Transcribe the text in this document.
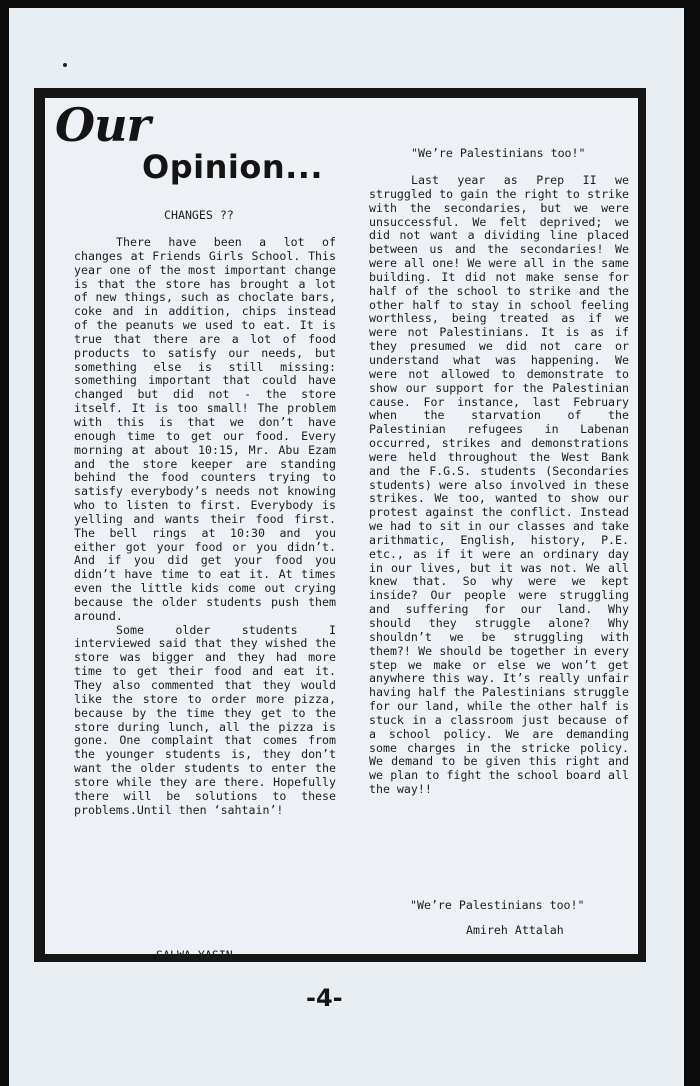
Our
Opinion...
CHANGES ??

There have been a lot of changes at Friends Girls School. This year one of the most important change is that the store has brought a lot of new things, such as choclate bars, coke and in addition, chips instead of the peanuts we used to eat. It is true that there are a lot of food products to satisfy our needs, but something else is still missing: something important that could have changed but did not - the store itself. It is too small! The problem with this is that we don’t have enough time to get our food. Every morning at about 10:15, Mr. Abu Ezam and the store keeper are standing behind the food counters trying to satisfy everybody’s needs not knowing who to listen to first. Everybody is yelling and wants their food first. The bell rings at 10:30 and you either got your food or you didn’t. And if you did get your food you didn’t have time to eat it. At times even the little kids come out crying because the older students push them around.

Some older students I interviewed said that they wished the store was bigger and they had more time to get their food and eat it. They also commented that they would like the store to order more pizza, because by the time they get to the store during lunch, all the pizza is gone. One complaint that comes from the younger students is, they don’t want the older students to enter the store while they are there. Hopefully there will be solutions to these problems.Until then ‘sahtain’!

SALWA YASIN
"We’re Palestinians too!"

Last year as Prep II we struggled to gain the right to strike with the secondaries, but we were unsuccessful. We felt deprived; we did not want a dividing line placed between us and the secondaries! We were all one! We were all in the same building. It did not make sense for half of the school to strike and the other half to stay in school feeling worthless, being treated as if we were not Palestinians. It is as if they presumed we did not care or understand what was happening. We were not allowed to demonstrate to show our support for the Palestinian cause. For instance, last February when the starvation of the Palestinian refugees in Labenan occurred, strikes and demonstrations were held throughout the West Bank and the F.G.S. students (Secondaries students) were also involved in these strikes. We too, wanted to show our protest against the conflict. Instead we had to sit in our classes and take arithmatic, English, history, P.E. etc., as if it were an ordinary day in our lives, but it was not. We all knew that. So why were we kept inside? Our people were struggling and suffering for our land. Why should they struggle alone? Why shouldn’t we be struggling with them?! We should be together in every step we make or else we won’t get anywhere this way. It’s really unfair having half the Palestinians struggle for our land, while the other half is stuck in a classroom just because of a school policy. We are demanding some charges in the stricke policy. We demand to be given this right and we plan to fight the school board all the way!!

"We’re Palestinians too!"
Amireh Attalah
-4-
